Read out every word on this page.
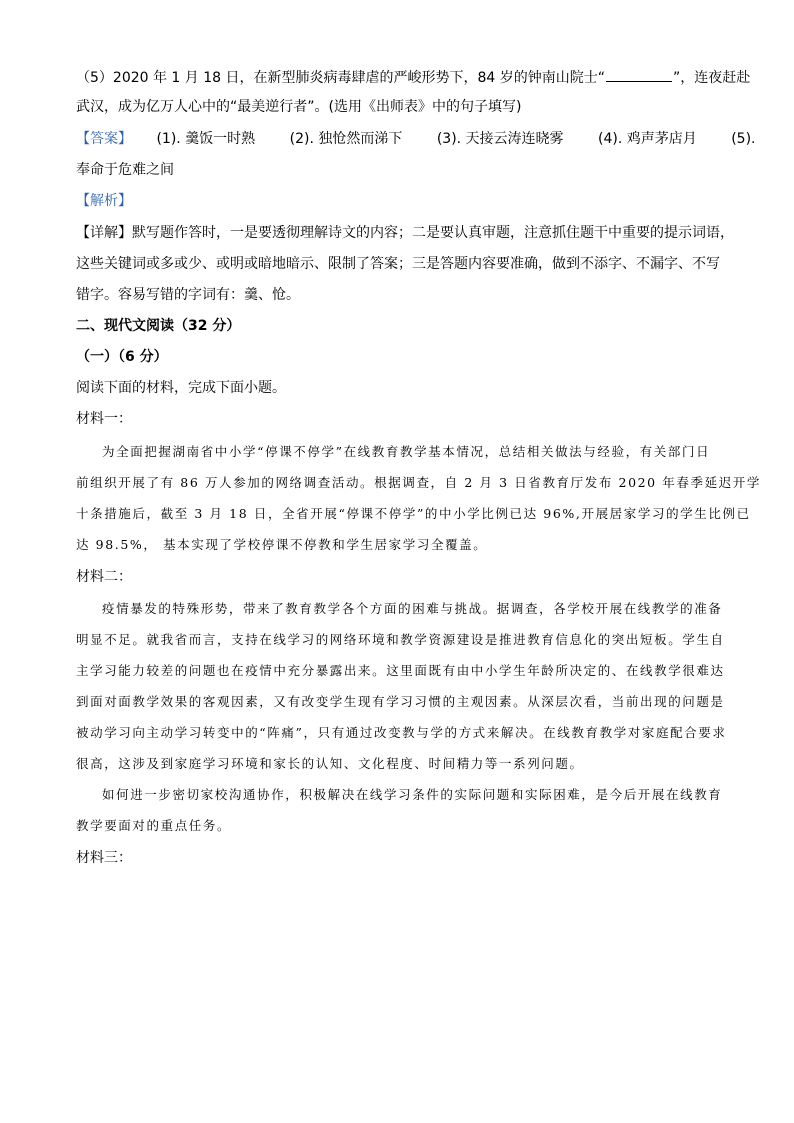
（5）2020 年 1 月 18 日，在新型肺炎病毒肆虐的严峻形势下，84 岁的钟南山院士“	”，连夜赶赴
武汉，成为亿万人心中的“最美逆行者”。(选用《出师表》中的句子填写)
【答案】 (1). 羹饭一时熟 (2). 独怆然而涕下 (3). 天接云涛连晓雾 (4). 鸡声茅店月 (5).
奉命于危难之间
【解析】
【详解】默写题作答时，一是要透彻理解诗文的内容；二是要认真审题，注意抓住题干中重要的提示词语，
这些关键词或多或少、或明或暗地暗示、限制了答案；三是答题内容要准确，做到不添字、不漏字、不写
错字。容易写错的字词有：羹、怆。
二、现代文阅读（32 分）
（一）（6 分）
阅读下面的材料，完成下面小题。
材料一：
为全面把握湖南省中小学“停课不停学”在线教育教学基本情况，总结相关做法与经验，有关部门日
前组织开展了有 86 万人参加的网络调查活动。根据调查，自 2 月 3 日省教育厅发布 2020 年春季延迟开学
十条措施后，截至 3 月 18 日，全省开展“停课不停学”的中小学比例已达 96%,开展居家学习的学生比例已
达 98.5%， 基本实现了学校停课不停教和学生居家学习全覆盖。
材料二：
疫情暴发的特殊形势，带来了教育教学各个方面的困难与挑战。据调查，各学校开展在线教学的准备
明显不足。就我省而言，支持在线学习的网络环境和教学资源建设是推进教育信息化的突出短板。学生自
主学习能力较差的问题也在疫情中充分暴露出来。这里面既有由中小学生年龄所决定的、在线教学很难达
到面对面教学效果的客观因素，又有改变学生现有学习习惯的主观因素。从深层次看，当前出现的问题是
被动学习向主动学习转变中的“阵痛”，只有通过改变教与学的方式来解决。在线教育教学对家庭配合要求
很高，这涉及到家庭学习环境和家长的认知、文化程度、时间精力等一系列问题。
如何进一步密切家校沟通协作，积极解决在线学习条件的实际问题和实际困难，是今后开展在线教育
教学要面对的重点任务。
材料三：
